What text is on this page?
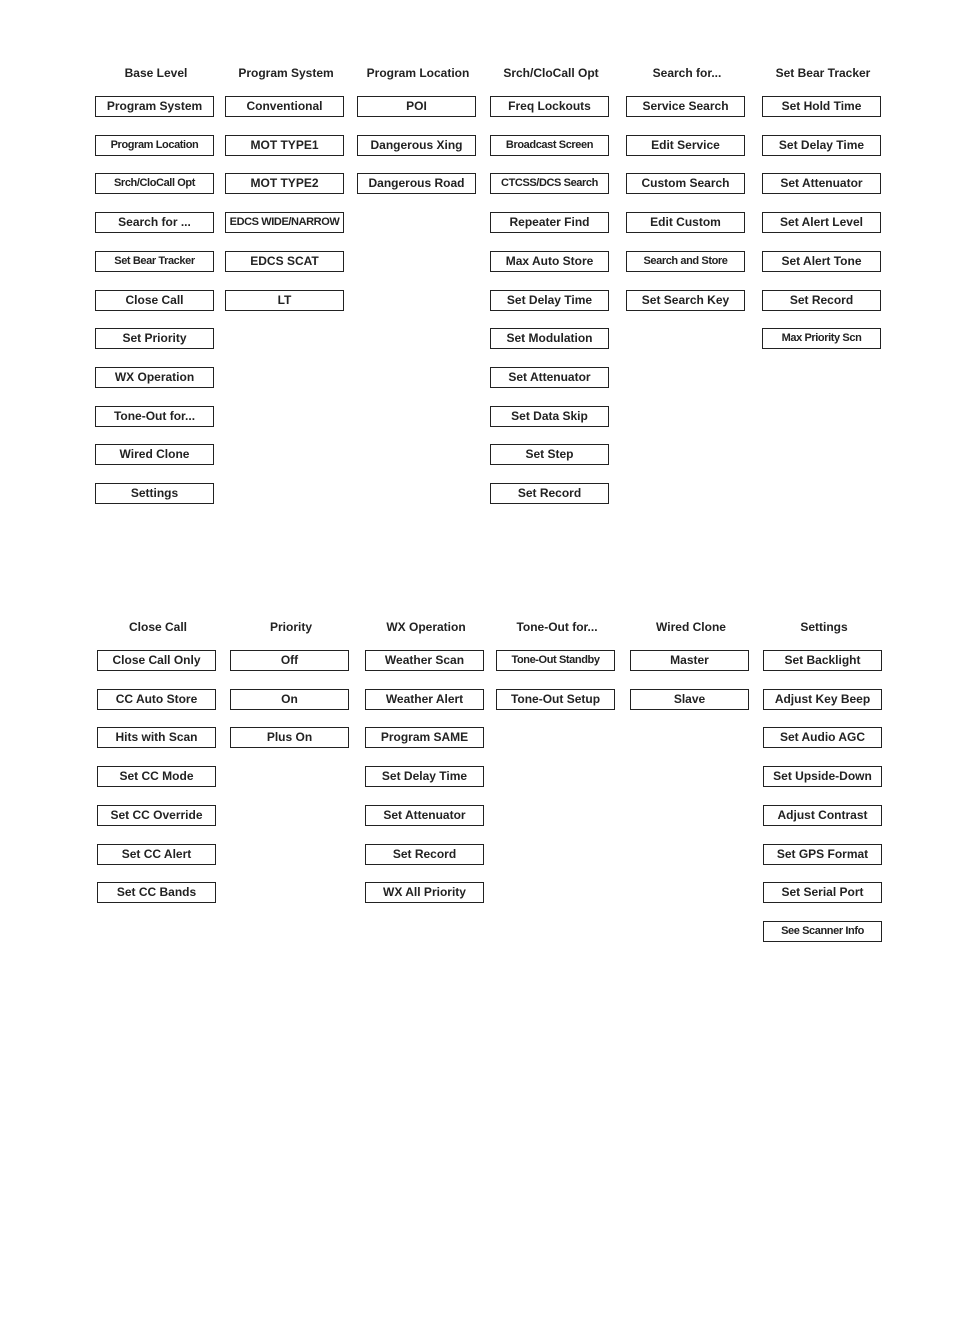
Base Level
Program System
Program Location
Srch/CloCall Opt
Search for ...
Set Bear Tracker
Close Call
Set Priority
WX Operation
Tone-Out for...
Wired Clone
Settings
Program System
Conventional
MOT TYPE1
MOT TYPE2
EDCS WIDE/NARROW
EDCS SCAT
LT
Program Location
POI
Dangerous Xing
Dangerous Road
Srch/CloCall Opt
Freq Lockouts
Broadcast Screen
CTCSS/DCS Search
Repeater Find
Max Auto Store
Set Delay Time
Set Modulation
Set Attenuator
Set Data Skip
Set Step
Set Record
Search for...
Service Search
Edit Service
Custom Search
Edit Custom
Search and Store
Set Search Key
Set Bear Tracker
Set Hold Time
Set Delay Time
Set Attenuator
Set Alert Level
Set Alert Tone
Set Record
Max Priority Scn
Close Call
Close Call Only
CC Auto Store
Hits with Scan
Set CC Mode
Set CC Override
Set CC Alert
Set CC Bands
Priority
Off
On
Plus On
WX Operation
Weather Scan
Weather Alert
Program SAME
Set Delay Time
Set Attenuator
Set Record
WX All Priority
Tone-Out for...
Tone-Out Standby
Tone-Out Setup
Wired Clone
Master
Slave
Settings
Set Backlight
Adjust Key Beep
Set Audio AGC
Set Upside-Down
Adjust Contrast
Set GPS Format
Set Serial Port
See Scanner Info
